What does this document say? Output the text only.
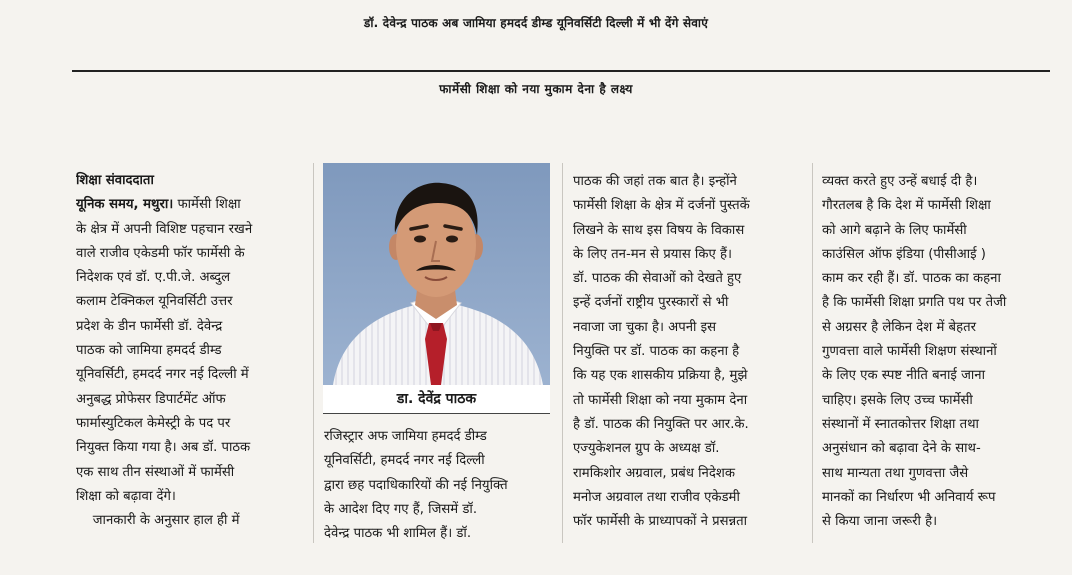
डॉ. देवेन्द्र पाठक अब जामिया हमदर्द डीम्ड यूनिवर्सिटी दिल्ली में भी देंगे सेवाएं
फार्मेसी शिक्षा को नया मुकाम देना है लक्ष्य
शिक्षा संवाददाता
यूनिक समय, मथुरा। फार्मेसी शिक्षा
के क्षेत्र में अपनी विशिष्ट पहचान रखने
वाले राजीव एकेडमी फॉर फार्मेसी के
निदेशक एवं डॉ. ए.पी.जे. अब्दुल
कलाम टेक्निकल यूनिवर्सिटी उत्तर
प्रदेश के डीन फार्मेसी डॉ. देवेन्द्र
पाठक को जामिया हमदर्द डीम्ड
यूनिवर्सिटी, हमदर्द नगर नई दिल्ली में
अनुबद्ध प्रोफेसर डिपार्टमेंट ऑफ
फार्मास्युटिकल केमेस्ट्री के पद पर
नियुक्त किया गया है। अब डॉ. पाठक
एक साथ तीन संस्थाओं में फार्मेसी
शिक्षा को बढ़ावा देंगे।
जानकारी के अनुसार हाल ही में
डा. देवेंद्र पाठक
रजिस्ट्रार अफ जामिया हमदर्द डीम्ड
यूनिवर्सिटी, हमदर्द नगर नई दिल्ली
द्वारा छह पदाधिकारियों की नई नियुक्ति
के आदेश दिए गए हैं, जिसमें डॉ.
देवेन्द्र पाठक भी शामिल हैं। डॉ.
पाठक की जहां तक बात है। इन्होंने
फार्मेसी शिक्षा के क्षेत्र में दर्जनों पुस्तकें
लिखने के साथ इस विषय के विकास
के लिए तन-मन से प्रयास किए हैं।
डॉ. पाठक की सेवाओं को देखते हुए
इन्हें दर्जनों राष्ट्रीय पुरस्कारों से भी
नवाजा जा चुका है। अपनी इस
नियुक्ति पर डॉ. पाठक का कहना है
कि यह एक शासकीय प्रक्रिया है, मुझे
तो फार्मेसी शिक्षा को नया मुकाम देना
है डॉ. पाठक की नियुक्ति पर आर.के.
एज्युकेशनल ग्रुप के अध्यक्ष डॉ.
रामकिशोर अग्रवाल, प्रबंध निदेशक
मनोज अग्रवाल तथा राजीव एकेडमी
फॉर फार्मेसी के प्राध्यापकों ने प्रसन्नता
व्यक्त करते हुए उन्हें बधाई दी है।
गौरतलब है कि देश में फार्मेसी शिक्षा
को आगे बढ़ाने के लिए फार्मेसी
काउंसिल ऑफ इंडिया (पीसीआई )
काम कर रही हैं। डॉ. पाठक का कहना
है कि फार्मेसी शिक्षा प्रगति पथ पर तेजी
से अग्रसर है लेकिन देश में बेहतर
गुणवत्ता वाले फार्मेसी शिक्षण संस्थानों
के लिए एक स्पष्ट नीति बनाई जाना
चाहिए। इसके लिए उच्च फार्मेसी
संस्थानों में स्नातकोत्तर शिक्षा तथा
अनुसंधान को बढ़ावा देने के साथ-
साथ मान्यता तथा गुणवत्ता जैसे
मानकों का निर्धारण भी अनिवार्य रूप
से किया जाना जरूरी है।
